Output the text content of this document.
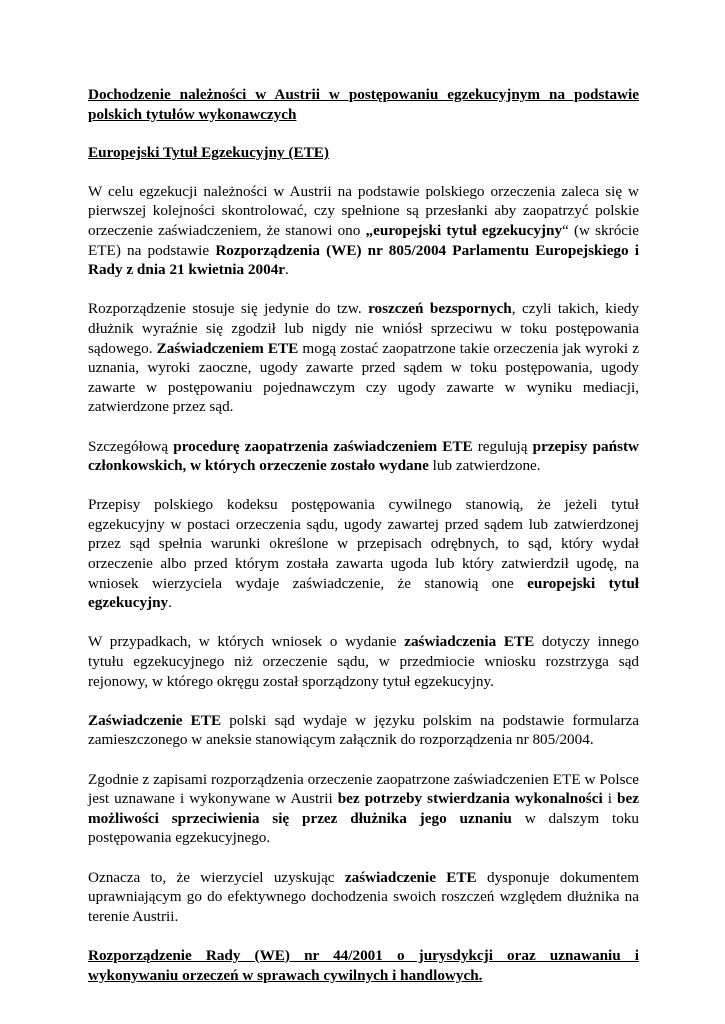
Dochodzenie należności w Austrii w postępowaniu egzekucyjnym na podstawie polskich tytułów wykonawczych

Europejski Tytuł Egzekucyjny (ETE)

W celu egzekucji należności w Austrii na podstawie polskiego orzeczenia zaleca się w pierwszej kolejności skontrolować, czy spełnione są przesłanki aby zaopatrzyć polskie orzeczenie zaświadczeniem, że stanowi ono „europejski tytuł egzekucyjny“ (w skrócie ETE) na podstawie Rozporządzenia (WE) nr 805/2004 Parlamentu Europejskiego i Rady z dnia 21 kwietnia 2004r.

Rozporządzenie stosuje się jedynie do tzw. roszczeń bezspornych, czyli takich, kiedy dłużnik wyraźnie się zgodził lub nigdy nie wniósł sprzeciwu w toku postępowania sądowego. Zaświadczeniem ETE mogą zostać zaopatrzone takie orzeczenia jak wyroki z uznania, wyroki zaoczne, ugody zawarte przed sądem w toku postępowania, ugody zawarte w postępowaniu pojednawczym czy ugody zawarte w wyniku mediacji, zatwierdzone przez sąd.

Szczegółową procedurę zaopatrzenia zaświadczeniem ETE regulują przepisy państw członkowskich, w których orzeczenie zostało wydane lub zatwierdzone.

Przepisy polskiego kodeksu postępowania cywilnego stanowią, że jeżeli tytuł egzekucyjny w postaci orzeczenia sądu, ugody zawartej przed sądem lub zatwierdzonej przez sąd spełnia warunki określone w przepisach odrębnych, to sąd, który wydał orzeczenie albo przed którym została zawarta ugoda lub który zatwierdził ugodę, na wniosek wierzyciela wydaje zaświadczenie, że stanowią one europejski tytuł egzekucyjny.

W przypadkach, w których wniosek o wydanie zaświadczenia ETE dotyczy innego tytułu egzekucyjnego niż orzeczenie sądu, w przedmiocie wniosku rozstrzyga sąd rejonowy, w którego okręgu został sporządzony tytuł egzekucyjny.

Zaświadczenie ETE polski sąd wydaje w języku polskim na podstawie formularza zamieszczonego w aneksie stanowiącym załącznik do rozporządzenia nr 805/2004.

Zgodnie z zapisami rozporządzenia orzeczenie zaopatrzone zaświadczenien ETE w Polsce jest uznawane i wykonywane w Austrii bez potrzeby stwierdzania wykonalności i bez możliwości sprzeciwienia się przez dłużnika jego uznaniu w dalszym toku postępowania egzekucyjnego.

Oznacza to, że wierzyciel uzyskując zaświadczenie ETE dysponuje dokumentem uprawniającym go do efektywnego dochodzenia swoich roszczeń względem dłużnika na terenie Austrii.

Rozporządzenie Rady (WE) nr 44/2001 o jurysdykcji oraz uznawaniu i wykonywaniu orzeczeń w sprawach cywilnych i handlowych.
